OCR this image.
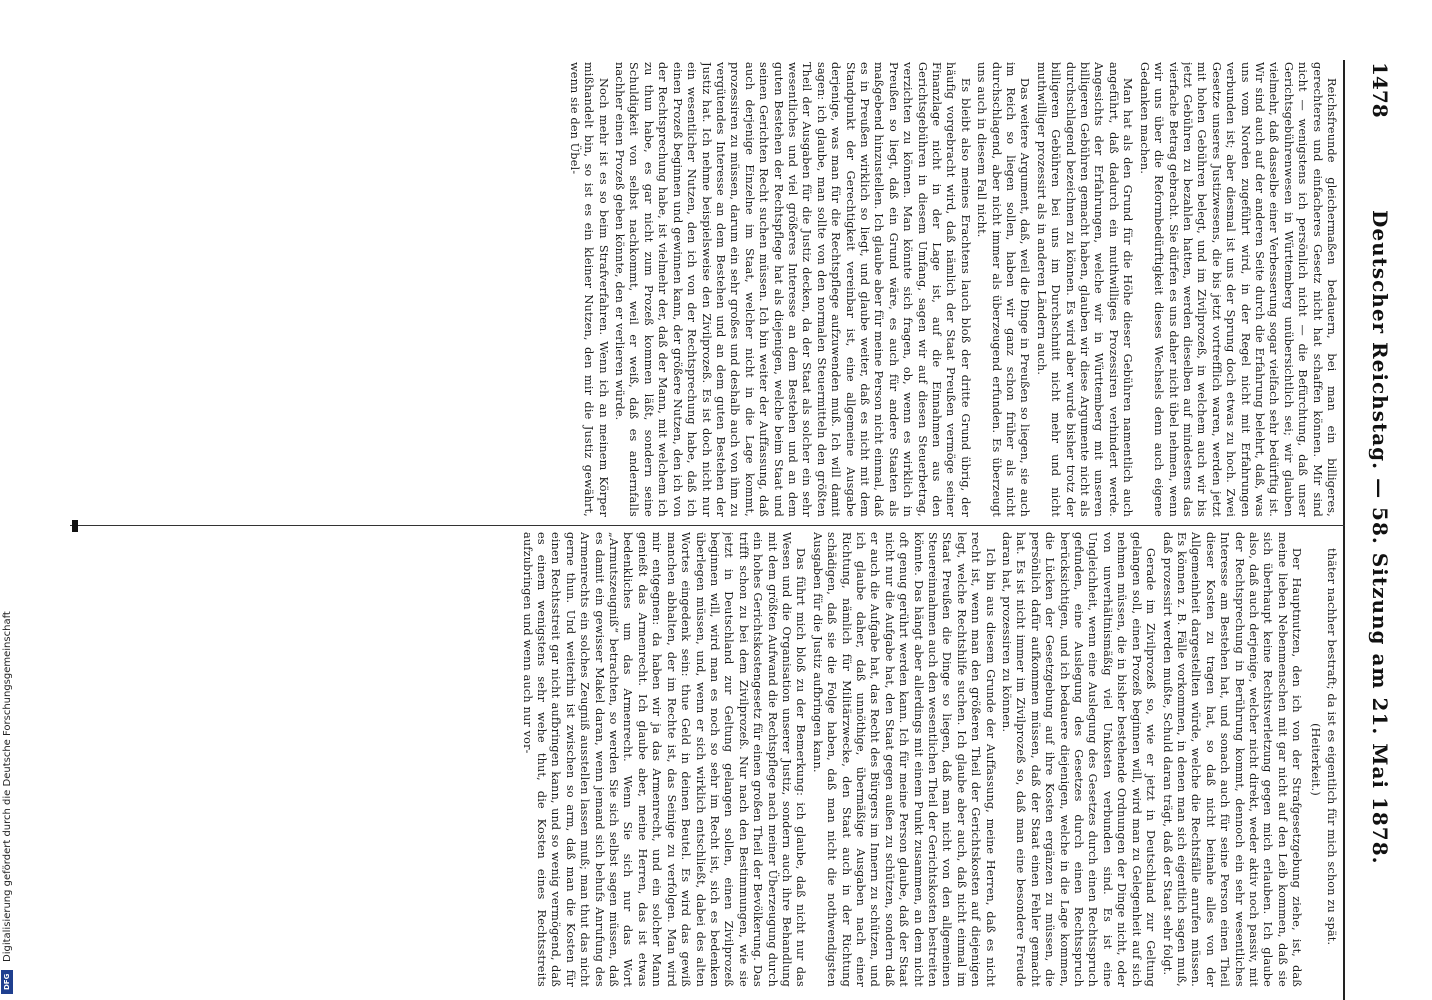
1478
Deutscher Reichstag. — 58. Sitzung am 21. Mai 1878.

Reichsfreunde gleichermaßen bedauern, bei man ein billigeres, gerechteres und einfacheres Gesetz nicht hat schaffen können. Mir sind nicht — wenigstens ich persönlich nicht — die Befürchtung, daß unser Gerichtsgebührenwesen in Württemberg unübersichtlich sei; wir glauben vielmehr, daß dasselbe einer Verbesserung sogar vielfach sehr bedürftig ist. Wir sind auch auf der anderen Seite durch die Erfahrung belehrt, daß, was uns vom Norden zugeführt wird, in der Regel nicht mit Erfahrungen verbunden ist; aber diesmal ist uns der Sprung doch etwas zu hoch. Zwei Gesetze unseres Justizwesens, die bis jetzt vortrefflich waren, werden jetzt mit hohen Gebühren belegt, und im Zivilprozeß, in welchem auch wir bis jetzt Gebühren zu bezahlen hatten, werden dieselben auf mindestens das vierfache Betrag gebracht. Sie dürfen es uns daher nicht übel nehmen, wenn wir uns über die Reformbedürftigkeit dieses Wechsels denn auch eigene Gedanken machen.

Man hat als den Grund für die Höhe dieser Gebühren namentlich auch angeführt, daß dadurch ein muthwilliges Prozessiren verhindert werde. Angesichts der Erfahrungen, welche wir in Württemberg mit unseren billigeren Gebühren gemacht haben, glauben wir diese Argumente nicht als durchschlagend bezeichnen zu können. Es wird aber wurde bisher trotz der billigeren Gebühren bei uns im Durchschnitt nicht mehr und nicht muthwilliger prozessirt als in anderen Ländern auch.

Das weitere Argument, daß, weil die Dinge in Preußen so liegen, sie auch im Reich so liegen sollen, haben wir ganz schon früher als nicht durchschlagend, aber nicht immer als überzeugend erfunden. Es überzeugt uns auch in diesem Fall nicht.

Es bleibt also meines Erachtens lauch bloß der dritte Grund übrig, der häufig vorgebracht wird, daß nämlich der Staat Preußen vermöge seiner Finanzlage nicht in der Lage ist, auf die Einnahmen aus den Gerichtsgebühren in diesem Umfang, sagen wir auf diesen Steuerbetrag, verzichten zu können. Man könnte sich fragen, ob, wenn es wirklich in Preußen so liegt, daß ein Grund wäre, es auch für andere Staaten als maßgebend hinzustellen. Ich glaube aber für meine Person nicht einmal, daß es in Preußen wirklich so liegt, und glaube weiter, daß es nicht mit dem Standpunkt der Gerechtigkeit vereinbar ist, eine allgemeine Ausgabe derjenige, was man für die Rechtspflege aufzuwenden muß. Ich will damit sagen: ich glaube, man sollte von den normalen Steuermitteln den größten Theil der Ausgaben für die Justiz decken, da der Staat als solcher ein sehr wesentliches und viel größeres Interesse an dem Bestehen und an dem guten Bestehen der Rechtspflege hat als diejenigen, welche beim Staat und seinen Gerichten Recht suchen müssen. Ich bin weiter der Auffassung, daß auch derjenige Einzelne im Staat, welcher nicht in die Lage kommt, prozessiren zu müssen, darum ein sehr großes und deshalb auch von ihm zu vergütendes Interesse an dem Bestehen und an dem guten Bestehen der Justiz hat. Ich nehme beispielsweise den Zivilprozeß. Es ist doch nicht nur ein wesentlicher Nutzen, den ich von der Rechtsprechung habe, daß ich einen Prozeß beginnen und gewinnen kann, der größere Nutzen, den ich von der Rechtsprechung habe, ist vielmehr der, daß der Mann, mit welchem ich zu thun habe, es gar nicht zum Prozeß kommen läßt, sondern seine Schuldigkeit von selbst nachkommt, weil er weiß, daß es andernfalls nachher einen Prozeß geben könnte, den er verlieren würde.

Noch mehr ist es so beim Strafverfahren. Wenn ich an meinem Körper mißhandelt bin, so ist es ein kleiner Nutzen, den mir die Justiz gewährt, wenn sie den Übel-

thäter nachher bestraft; da ist es eigentlich für mich schon zu spät.

(Heiterkeit.)

Der Hauptnutzen, den ich von der Strafgesetzgebung ziehe, ist, daß meine lieben Nebenmenschen mit gar nicht auf den Leib kommen, daß sie sich überhaupt keine Rechtsverletzung gegen mich erlauben. Ich glaube also, daß auch derjenige, welcher nicht direkt, weder aktiv noch passiv, mit der Rechtsprechung in Berührung kommt, dennoch ein sehr wesentliches Interesse am Bestehen hat, und sonach auch für seine Person einen Theil dieser Kosten zu tragen hat, so daß nicht beinahe alles von der Allgemeinheit dargestellten würde, welche die Rechtsfälle anrufen müssen. Es können z. B. Fälle vorkommen, in denen man sich eigentlich sagen muß, daß prozessirt werden mußte, Schuld daran trägt, daß der Staat sehr folgt.

Gerade im Zivilprozeß so, wie er jetzt in Deutschland zur Geltung gelangen soll, einen Prozeß beginnen will, wird man zu Gelegenheit auf sich nehmen müssen, die in bisher bestehende Ordnungen der Dinge nicht, oder von unverhältnismäßig viel Unkosten verbunden sind. Es ist eine Ungleichheit, wenn eine Auslegung des Gesetzes durch einen Rechtsspruch gefunden, eine Auslegung des Gesetzes durch einen Rechtsspruch berücksichtigen, und ich bedauere diejenigen, welche in die Lage kommen, die Lücken der Gesetzgebung auf ihre Kosten ergänzen zu müssen, die persönlich dafür aufkommen müssen, daß der Staat einen Fehler gemacht hat. Es ist nicht immer im Zivilprozeß so, daß man eine besondere Freude daran hat, prozessiren zu können.

Ich bin aus diesem Grunde der Auffassung, meine Herren, daß es nicht recht ist, wenn man den größeren Theil der Gerichtskosten auf diejenigen legt, welche Rechtshilfe suchen. Ich glaube aber auch, daß nicht einmal im Staat Preußen die Dinge so liegen, daß man nicht von den allgemeinen Steuereinnahmen auch den wesentlichen Theil der Gerichtskosten bestreiten könnte. Das hängt aber allerdings mit einem Punkt zusammen, an dem nicht oft genug gerührt werden kann. Ich für meine Person glaube, daß der Staat nicht nur die Aufgabe hat, den Staat gegen außen zu schützen, sondern daß er auch die Aufgabe hat, das Recht des Bürgers im Innern zu schützen, und ich glaube daher, daß unnöthige, übermäßige Ausgaben nach einer Richtung, nämlich für Militärzwecke, den Staat auch in der Richtung schädigen, daß sie die Folge haben, daß man nicht die nothwendigsten Ausgaben für die Justiz aufbringen kann.

Das führt mich bloß zu der Bemerkung: ich glaube, daß nicht nur das Wesen und die Organisation unserer Justiz, sondern auch ihre Behandlung mit dem größten Aufwand die Rechtspflege nach meiner Überzeugung durch ein hohes Gerichtskostengesetz für einen großen Theil der Bevölkerung. Das trifft schon zu bei dem Zivilprozeß. Nur nach den Bestimmungen, wie sie jetzt in Deutschland zur Geltung gelangen sollen, einen Zivilprozeß beginnen will, wird man es noch so sehr im Recht ist, sich es bedenken überlegen müssen, und, wenn er sich wirklich entschließt, dabei des alten Wortes eingedenk sein: thue Geld in deinen Beutel. Es wird das gewiß manchen abhalten, der im Rechte ist, das Seinige zu verfolgen. Man wird mir entgegnen: da haben wir ja das Armenrecht, und ein solcher Mann genießt das Armenrecht. Ich glaube aber, meine Herren, das ist etwas bedenkliches um das Armenrecht. Wenn Sie sich nur das Wort „Armutszeugniß“ betrachten, so werden Sie sich selbst sagen müssen, daß es damit ein gewisser Makel daran, wenn jemand sich behufs Anrufung des Armenrechts ein solches Zeugniß ausstellen lassen muß; man thut das nicht gerne thun. Und weiterhin ist zwischen so arm, daß man die Kosten für einen Rechtsstreit gar nicht aufbringen kann, und so wenig vermögend, daß es einem wenigstens sehr wehe thut, die Kosten eines Rechtsstreits aufzubringen und wenn auch nur vor-

Digitalisierung gefördert durch die Deutsche Forschungsgemeinschaft
DFG
